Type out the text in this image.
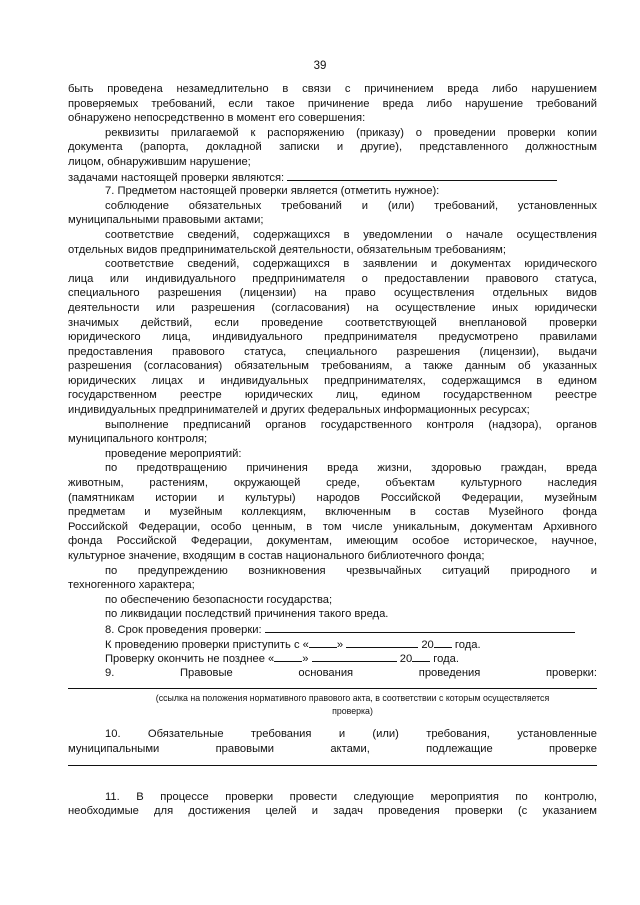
39
быть проведена незамедлительно в связи с причинением вреда либо нарушением
проверяемых требований, если такое причинение вреда либо нарушение требований
обнаружено непосредственно в момент его совершения:
реквизиты прилагаемой к распоряжению (приказу) о проведении проверки копии
документа (рапорта, докладной записки и другие), представленного должностным
лицом, обнаружившим нарушение;
задачами настоящей проверки являются:
7. Предметом настоящей проверки является (отметить нужное):
соблюдение обязательных требований и (или) требований, установленных
муниципальными правовыми актами;
соответствие сведений, содержащихся в уведомлении о начале осуществления
отдельных видов предпринимательской деятельности, обязательным требованиям;
соответствие сведений, содержащихся в заявлении и документах юридического
лица или индивидуального предпринимателя о предоставлении правового статуса,
специального разрешения (лицензии) на право осуществления отдельных видов
деятельности или разрешения (согласования) на осуществление иных юридически
значимых действий, если проведение соответствующей внеплановой проверки
юридического лица, индивидуального предпринимателя предусмотрено правилами
предоставления правового статуса, специального разрешения (лицензии), выдачи
разрешения (согласования) обязательным требованиям, а также данным об указанных
юридических лицах и индивидуальных предпринимателях, содержащимся в едином
государственном реестре юридических лиц, едином государственном реестре
индивидуальных предпринимателей и других федеральных информационных ресурсах;
выполнение предписаний органов государственного контроля (надзора), органов
муниципального контроля;
проведение мероприятий:
по предотвращению причинения вреда жизни, здоровью граждан, вреда
животным, растениям, окружающей среде, объектам культурного наследия
(памятникам истории и культуры) народов Российской Федерации, музейным
предметам и музейным коллекциям, включенным в состав Музейного фонда
Российской Федерации, особо ценным, в том числе уникальным, документам Архивного
фонда Российской Федерации, документам, имеющим особое историческое, научное,
культурное значение, входящим в состав национального библиотечного фонда;
по предупреждению возникновения чрезвычайных ситуаций природного и
техногенного характера;
по обеспечению безопасности государства;
по ликвидации последствий причинения такого вреда.
8. Срок проведения проверки:
К проведению проверки приступить с «	»	20 года.
Проверку окончить не позднее «	»	20 года.
9. Правовые основания проведения проверки:
(ссылка на положения нормативного правового акта, в соответствии с которым осуществляется
проверка)
10. Обязательные требования и (или) требования, установленные
муниципальными правовыми актами, подлежащие проверке
11. В процессе проверки провести следующие мероприятия по контролю,
необходимые для достижения целей и задач проведения проверки (с указанием
